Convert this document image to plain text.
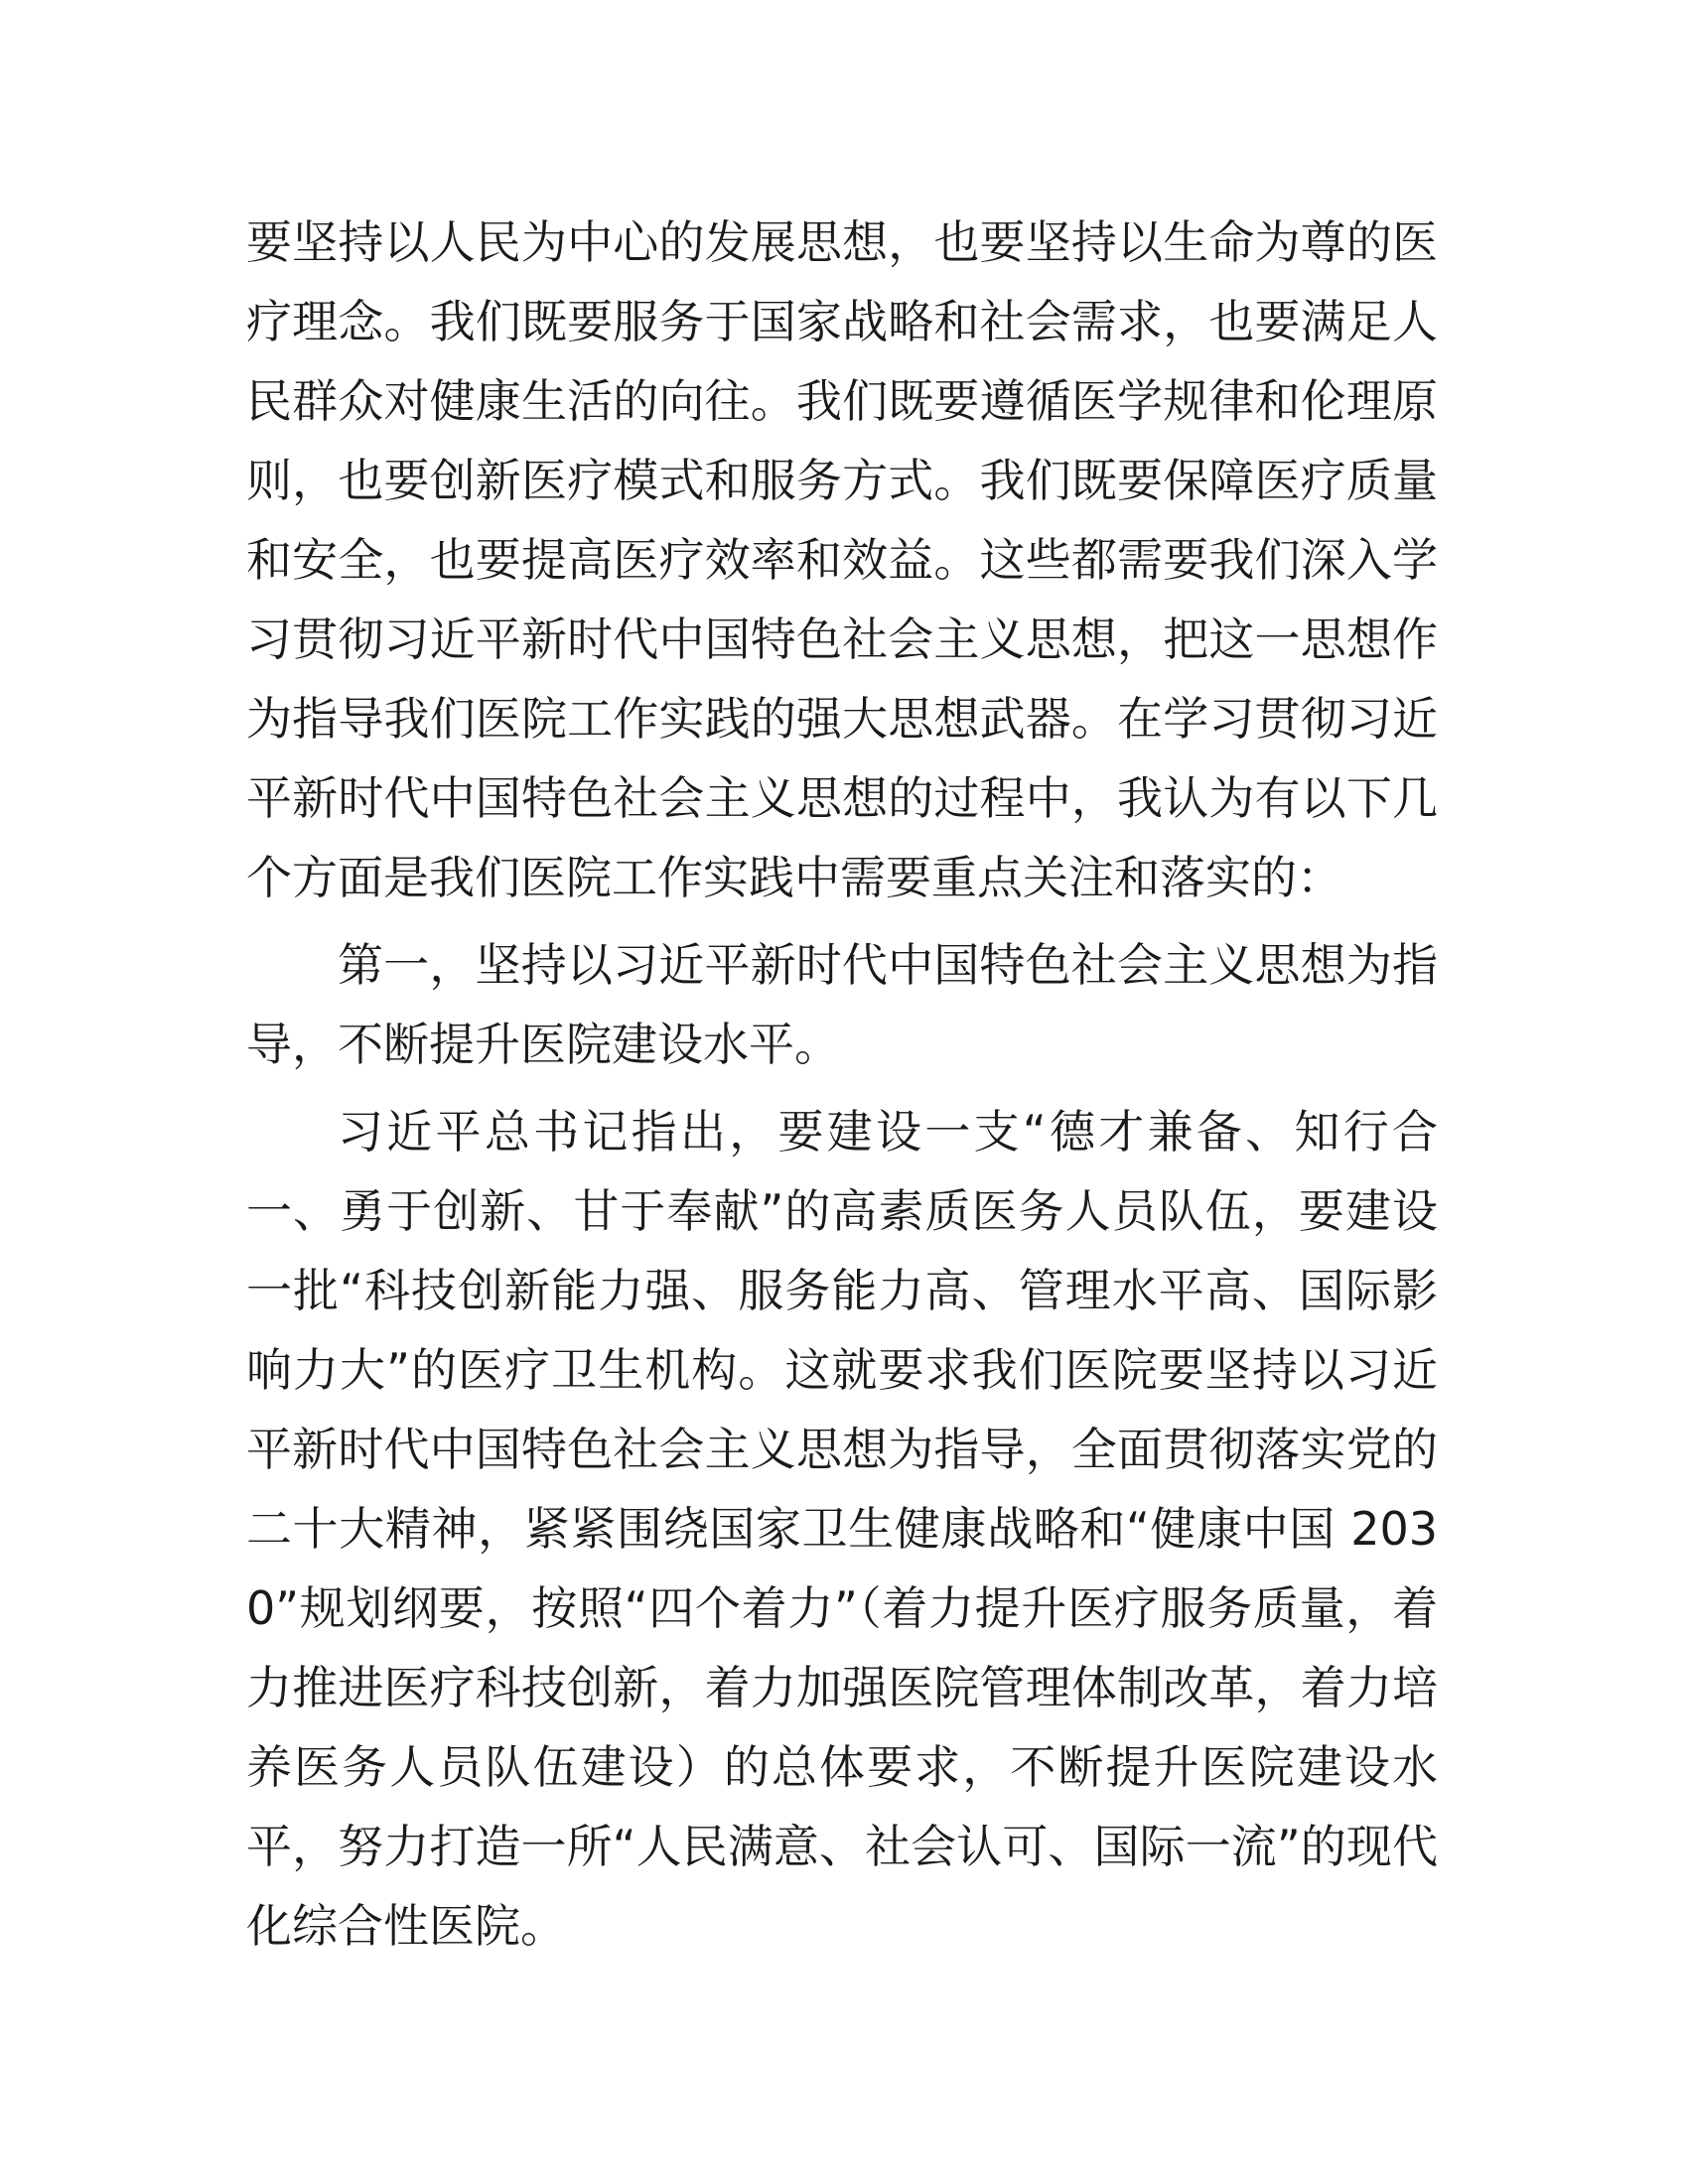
要坚持以人民为中心的发展思想，也要坚持以生命为尊的医疗理念。我们既要服务于国家战略和社会需求，也要满足人民群众对健康生活的向往。我们既要遵循医学规律和伦理原则，也要创新医疗模式和服务方式。我们既要保障医疗质量和安全，也要提高医疗效率和效益。这些都需要我们深入学习贯彻习近平新时代中国特色社会主义思想，把这一思想作为指导我们医院工作实践的强大思想武器。在学习贯彻习近平新时代中国特色社会主义思想的过程中，我认为有以下几个方面是我们医院工作实践中需要重点关注和落实的：

第一，坚持以习近平新时代中国特色社会主义思想为指导，不断提升医院建设水平。

习近平总书记指出，要建设一支“德才兼备、知行合一、勇于创新、甘于奉献”的高素质医务人员队伍，要建设一批“科技创新能力强、服务能力高、管理水平高、国际影响力大”的医疗卫生机构。这就要求我们医院要坚持以习近平新时代中国特色社会主义思想为指导，全面贯彻落实党的二十大精神，紧紧围绕国家卫生健康战略和“健康中国 2030”规划纲要，按照“四个着力”（着力提升医疗服务质量，着力推进医疗科技创新，着力加强医院管理体制改革，着力培养医务人员队伍建设）的总体要求，不断提升医院建设水平，努力打造一所“人民满意、社会认可、国际一流”的现代化综合性医院。
